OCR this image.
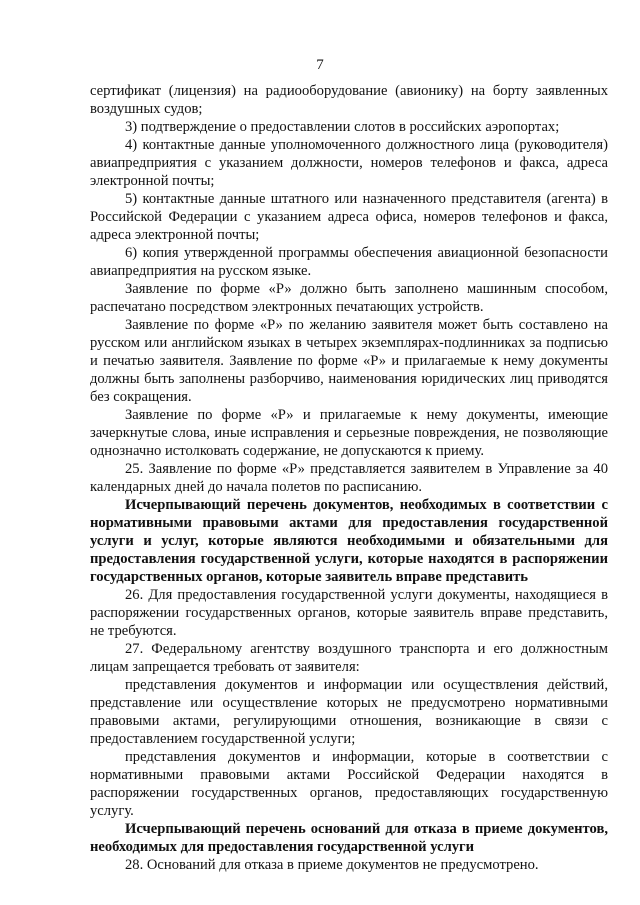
7

сертификат (лицензия) на радиооборудование (авионику) на борту заявленных воздушных судов;

3) подтверждение о предоставлении слотов в российских аэропортах;

4) контактные данные уполномоченного должностного лица (руководителя) авиапредприятия с указанием должности, номеров телефонов и факса, адреса электронной почты;

5) контактные данные штатного или назначенного представителя (агента) в Российской Федерации с указанием адреса офиса, номеров телефонов и факса, адреса электронной почты;

6) копия утвержденной программы обеспечения авиационной безопасности авиапредприятия на русском языке.

Заявление по форме «Р» должно быть заполнено машинным способом, распечатано посредством электронных печатающих устройств.

Заявление по форме «Р» по желанию заявителя может быть составлено на русском или английском языках в четырех экземплярах-подлинниках за подписью и печатью заявителя. Заявление по форме «Р» и прилагаемые к нему документы должны быть заполнены разборчиво, наименования юридических лиц приводятся без сокращения.

Заявление по форме «Р» и прилагаемые к нему документы, имеющие зачеркнутые слова, иные исправления и серьезные повреждения, не позволяющие однозначно истолковать содержание, не допускаются к приему.

25. Заявление по форме «Р» представляется заявителем в Управление за 40 календарных дней до начала полетов по расписанию.

Исчерпывающий перечень документов, необходимых в соответствии с нормативными правовыми актами для предоставления государственной услуги и услуг, которые являются необходимыми и обязательными для предоставления государственной услуги, которые находятся в распоряжении государственных органов, которые заявитель вправе представить

26. Для предоставления государственной услуги документы, находящиеся в распоряжении государственных органов, которые заявитель вправе представить, не требуются.

27. Федеральному агентству воздушного транспорта и его должностным лицам запрещается требовать от заявителя:

представления документов и информации или осуществления действий, представление или осуществление которых не предусмотрено нормативными правовыми актами, регулирующими отношения, возникающие в связи с предоставлением государственной услуги;

представления документов и информации, которые в соответствии с нормативными правовыми актами Российской Федерации находятся в распоряжении государственных органов, предоставляющих государственную услугу.

Исчерпывающий перечень оснований для отказа в приеме документов, необходимых для предоставления государственной услуги

28. Оснований для отказа в приеме документов не предусмотрено.
